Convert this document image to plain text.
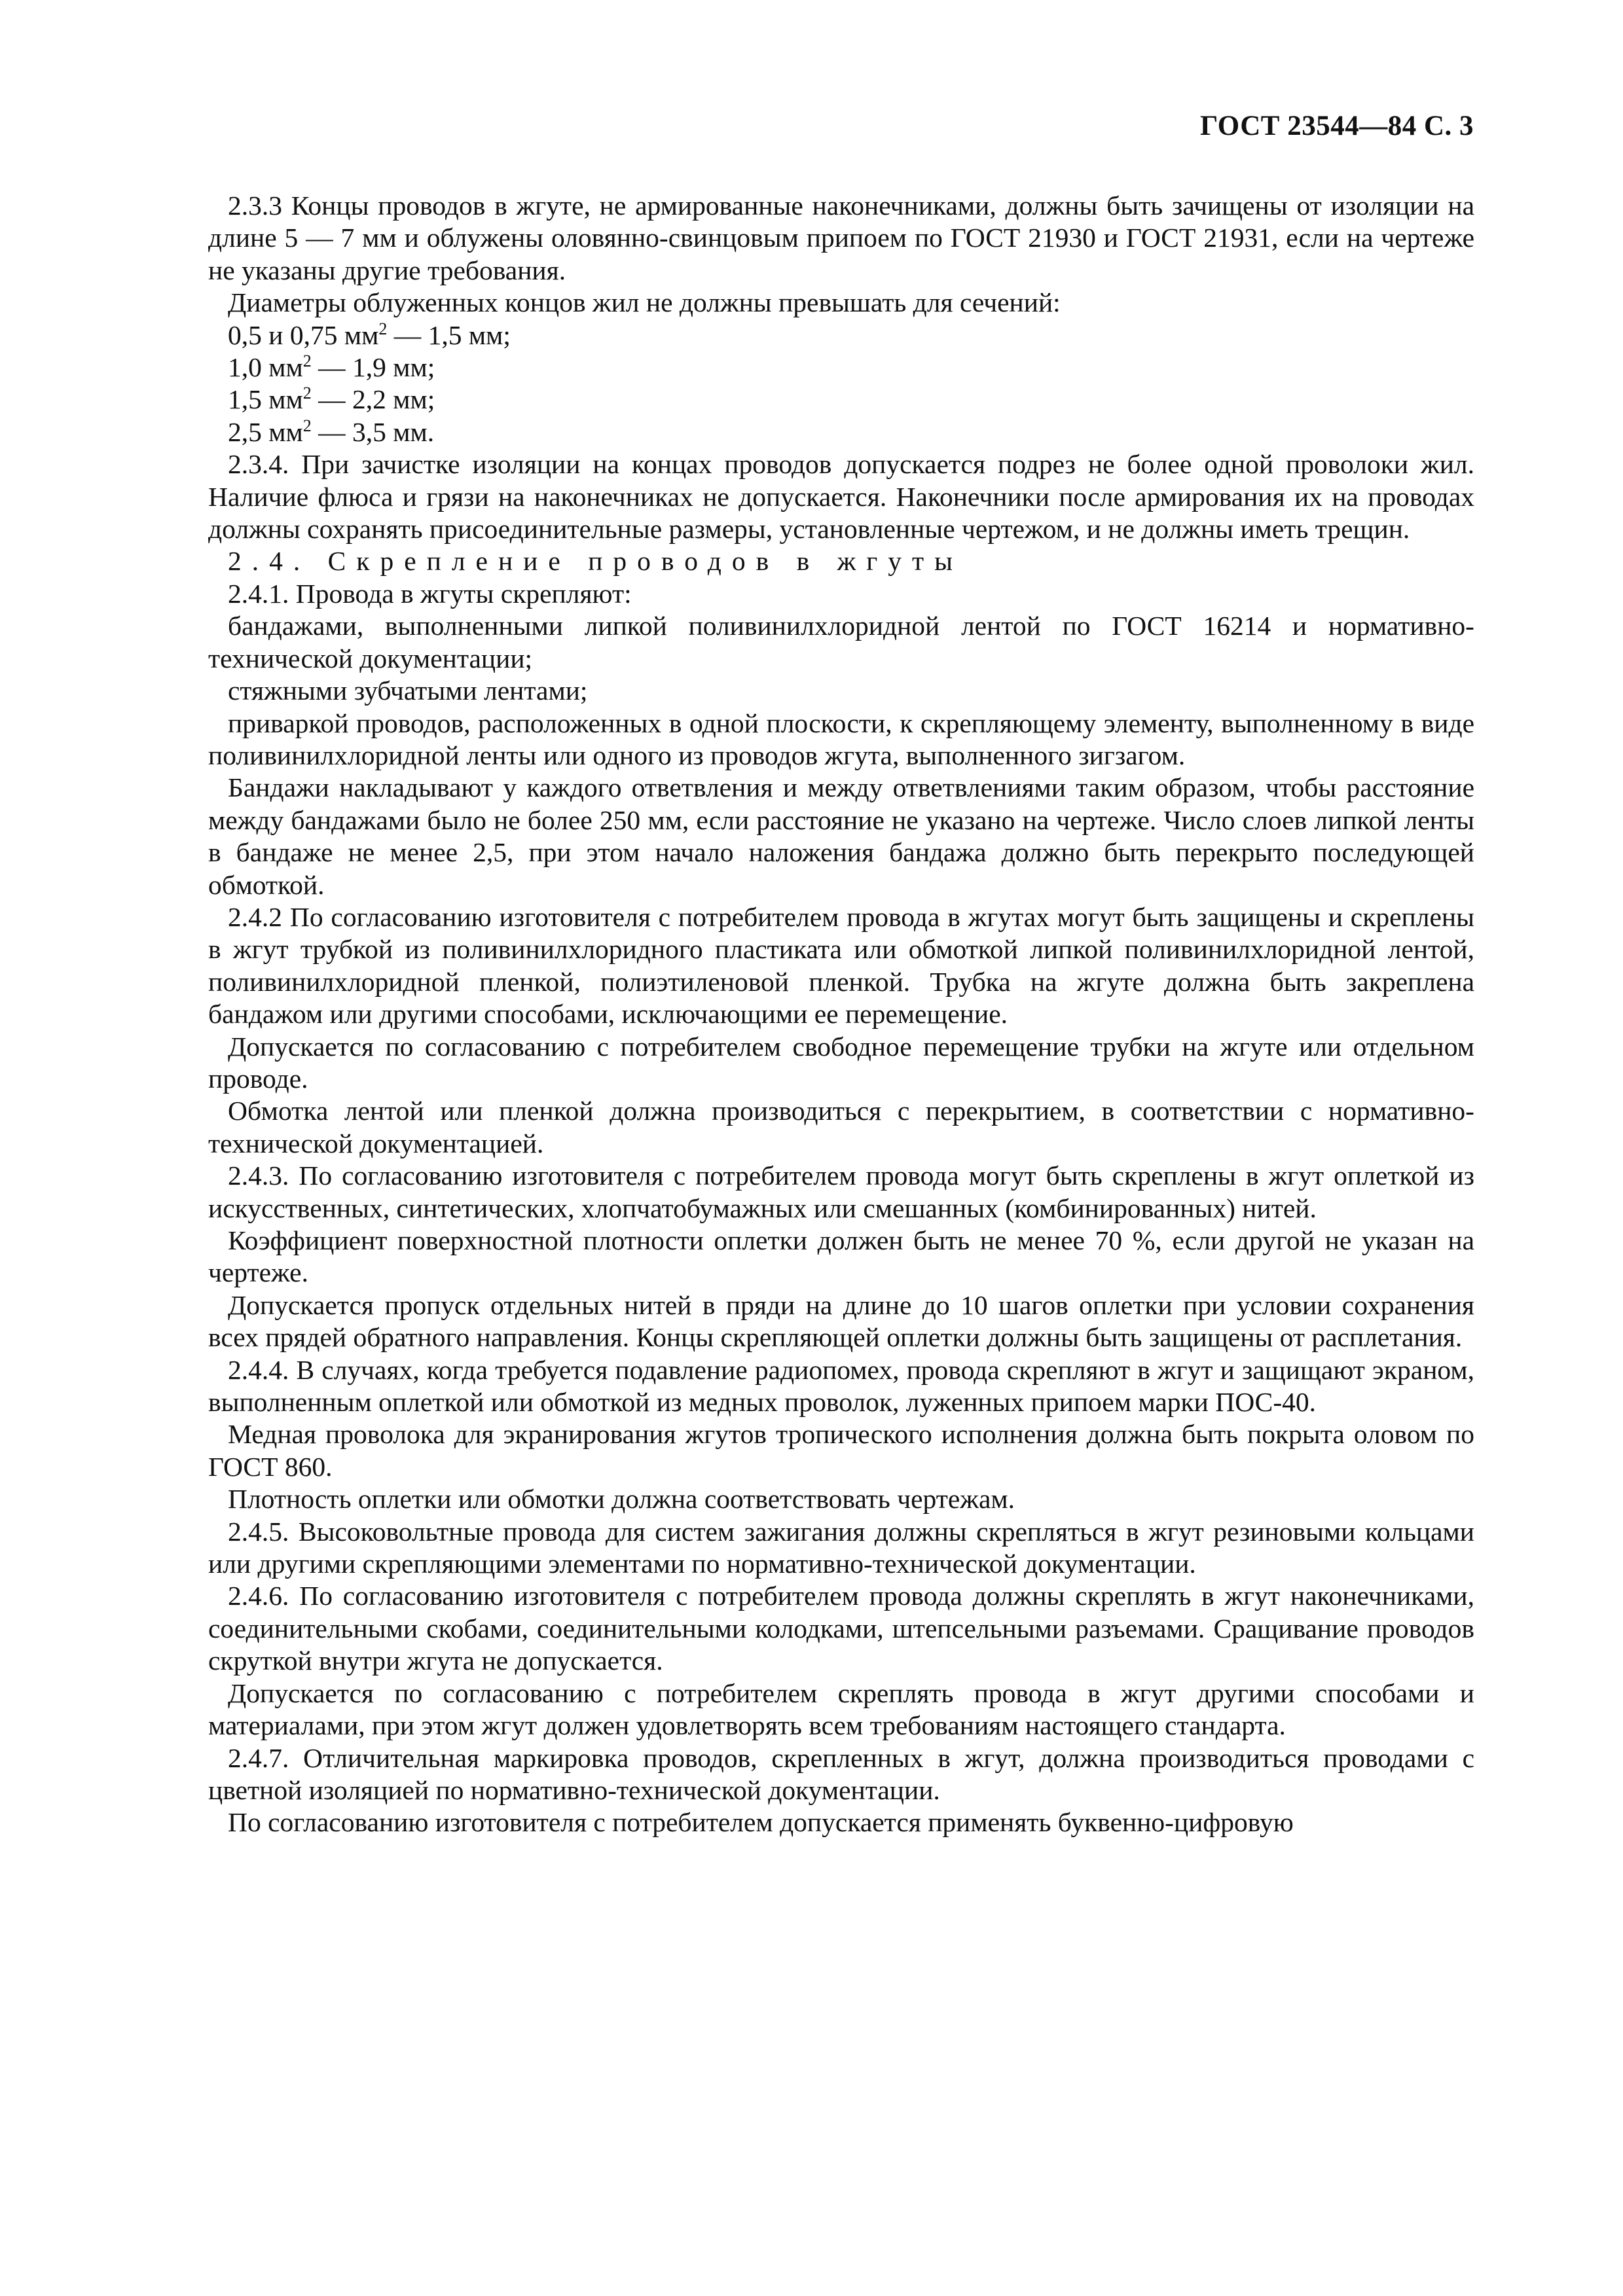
ГОСТ 23544—84 С. 3

2.3.3 Концы проводов в жгуте, не армированные наконечниками, должны быть зачищены от изоляции на длине 5 — 7 мм и облужены оловянно-свинцовым припоем по ГОСТ 21930 и ГОСТ 21931, если на чертеже не указаны другие требования.

Диаметры облуженных концов жил не должны превышать для сечений:

0,5 и 0,75 $мм^2$ — 1,5 мм;

1,0 $мм^2$ — 1,9 мм;

1,5 $мм^2$ — 2,2 мм;

2,5 $мм^2$ — 3,5 мм.

2.3.4. При зачистке изоляции на концах проводов допускается подрез не более одной проволоки жил. Наличие флюса и грязи на наконечниках не допускается. Наконечники после армирования их на проводах должны сохранять присоединительные размеры, установленные чертежом, и не должны иметь трещин.

2.4. Скрепление проводов в жгуты

2.4.1. Провода в жгуты скрепляют:

бандажами, выполненными липкой поливинилхлоридной лентой по ГОСТ 16214 и нормативно-технической документации;

стяжными зубчатыми лентами;

приваркой проводов, расположенных в одной плоскости, к скрепляющему элементу, выполненному в виде поливинилхлоридной ленты или одного из проводов жгута, выполненного зигзагом.

Бандажи накладывают у каждого ответвления и между ответвлениями таким образом, чтобы расстояние между бандажами было не более 250 мм, если расстояние не указано на чертеже. Число слоев липкой ленты в бандаже не менее 2,5, при этом начало наложения бандажа должно быть перекрыто последующей обмоткой.

2.4.2 По согласованию изготовителя с потребителем провода в жгутах могут быть защищены и скреплены в жгут трубкой из поливинилхлоридного пластиката или обмоткой липкой поливинилхлоридной лентой, поливинилхлоридной пленкой, полиэтиленовой пленкой. Трубка на жгуте должна быть закреплена бандажом или другими способами, исключающими ее перемещение.

Допускается по согласованию с потребителем свободное перемещение трубки на жгуте или отдельном проводе.

Обмотка лентой или пленкой должна производиться с перекрытием, в соответствии с нормативно-технической документацией.

2.4.3. По согласованию изготовителя с потребителем провода могут быть скреплены в жгут оплеткой из искусственных, синтетических, хлопчатобумажных или смешанных (комбинированных) нитей.

Коэффициент поверхностной плотности оплетки должен быть не менее 70 %, если другой не указан на чертеже.

Допускается пропуск отдельных нитей в пряди на длине до 10 шагов оплетки при условии сохранения всех прядей обратного направления. Концы скрепляющей оплетки должны быть защищены от расплетания.

2.4.4. В случаях, когда требуется подавление радиопомех, провода скрепляют в жгут и защищают экраном, выполненным оплеткой или обмоткой из медных проволок, луженных припоем марки ПОС-40.

Медная проволока для экранирования жгутов тропического исполнения должна быть покрыта оловом по ГОСТ 860.

Плотность оплетки или обмотки должна соответствовать чертежам.

2.4.5. Высоковольтные провода для систем зажигания должны скрепляться в жгут резиновыми кольцами или другими скрепляющими элементами по нормативно-технической документации.

2.4.6. По согласованию изготовителя с потребителем провода должны скреплять в жгут наконечниками, соединительными скобами, соединительными колодками, штепсельными разъемами. Сращивание проводов скруткой внутри жгута не допускается.

Допускается по согласованию с потребителем скреплять провода в жгут другими способами и материалами, при этом жгут должен удовлетворять всем требованиям настоящего стандарта.

2.4.7. Отличительная маркировка проводов, скрепленных в жгут, должна производиться проводами с цветной изоляцией по нормативно-технической документации.

По согласованию изготовителя с потребителем допускается применять буквенно-цифровую
